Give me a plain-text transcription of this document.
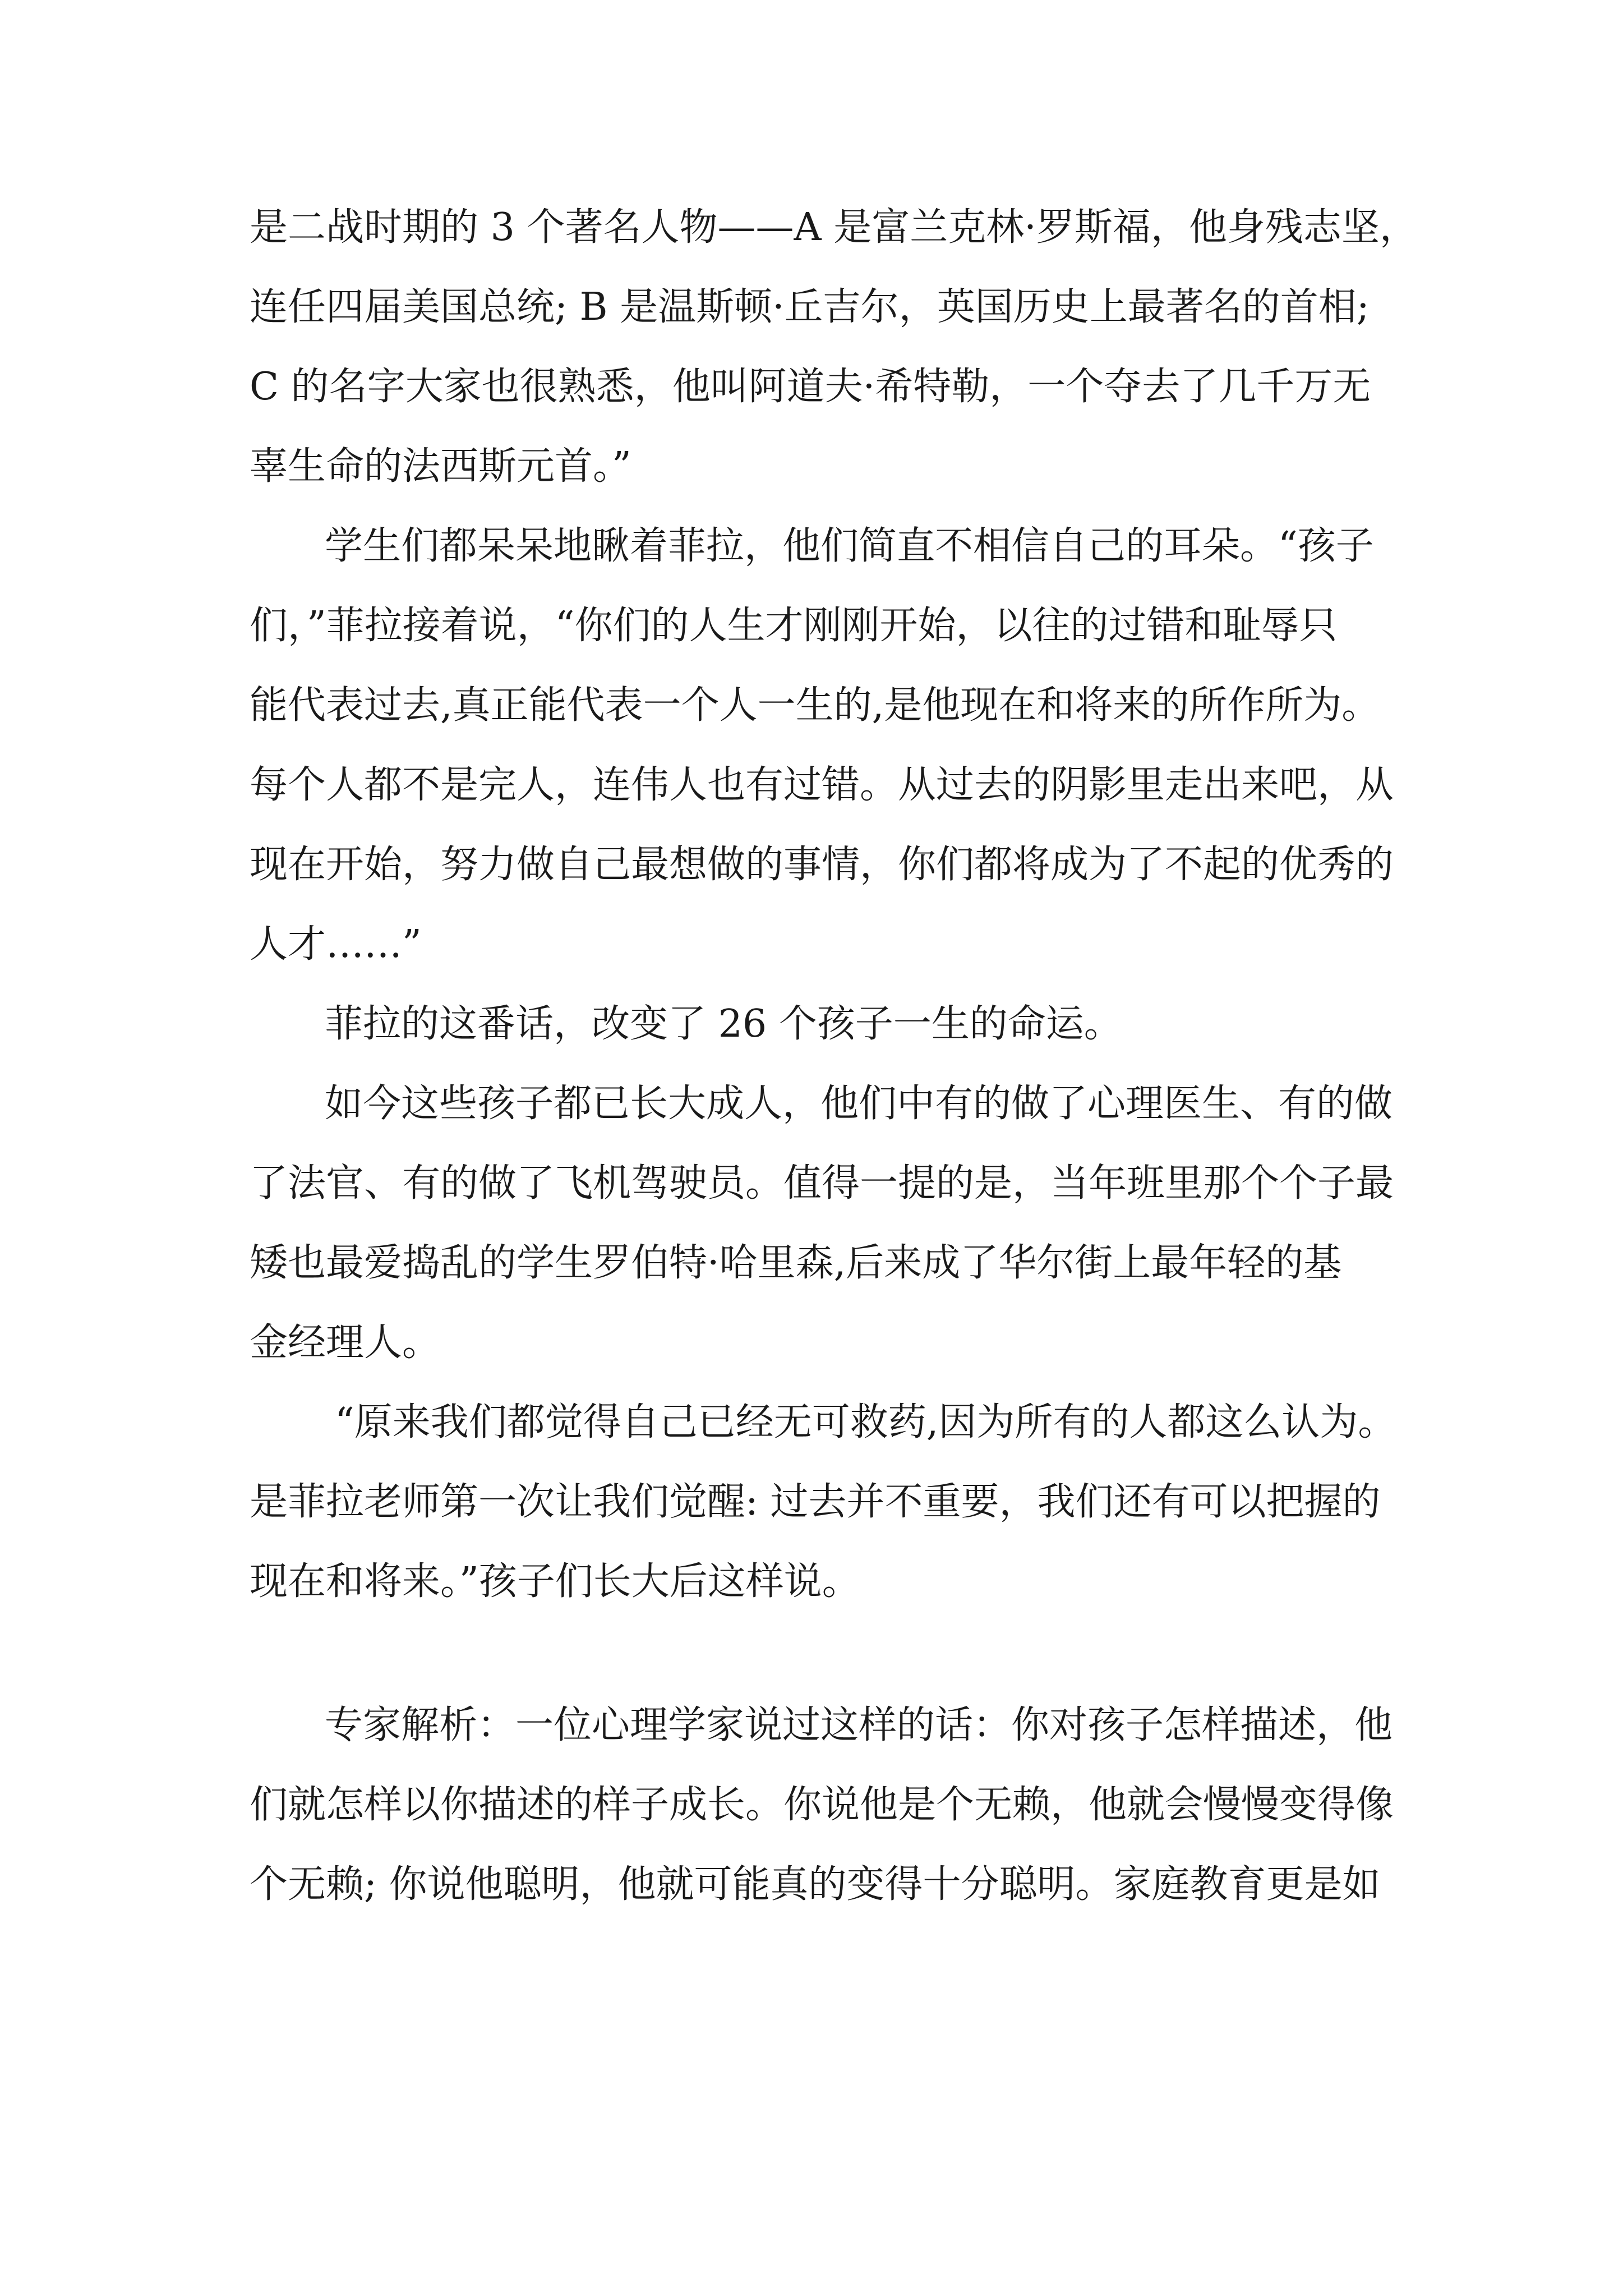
是二战时期的 3 个著名人物——A 是富兰克林·罗斯福，他身残志坚，
连任四届美国总统; B 是温斯顿·丘吉尔，英国历史上最著名的首相;
C 的名字大家也很熟悉，他叫阿道夫·希特勒，一个夺去了几千万无
辜生命的法西斯元首。”
学生们都呆呆地瞅着菲拉，他们简直不相信自己的耳朵。“孩子
们，”菲拉接着说，“你们的人生才刚刚开始，以往的过错和耻辱只
能代表过去,真正能代表一个人一生的,是他现在和将来的所作所为。
每个人都不是完人，连伟人也有过错。从过去的阴影里走出来吧，从
现在开始，努力做自己最想做的事情，你们都将成为了不起的优秀的
人才……”
菲拉的这番话，改变了 26 个孩子一生的命运。
如今这些孩子都已长大成人，他们中有的做了心理医生、有的做
了法官、有的做了飞机驾驶员。值得一提的是，当年班里那个个子最
矮也最爱捣乱的学生罗伯特·哈里森,后来成了华尔街上最年轻的基
金经理人。
“原来我们都觉得自己已经无可救药,因为所有的人都这么认为。
是菲拉老师第一次让我们觉醒: 过去并不重要，我们还有可以把握的
现在和将来。”孩子们长大后这样说。
专家解析：一位心理学家说过这样的话：你对孩子怎样描述，他
们就怎样以你描述的样子成长。你说他是个无赖，他就会慢慢变得像
个无赖; 你说他聪明，他就可能真的变得十分聪明。家庭教育更是如
